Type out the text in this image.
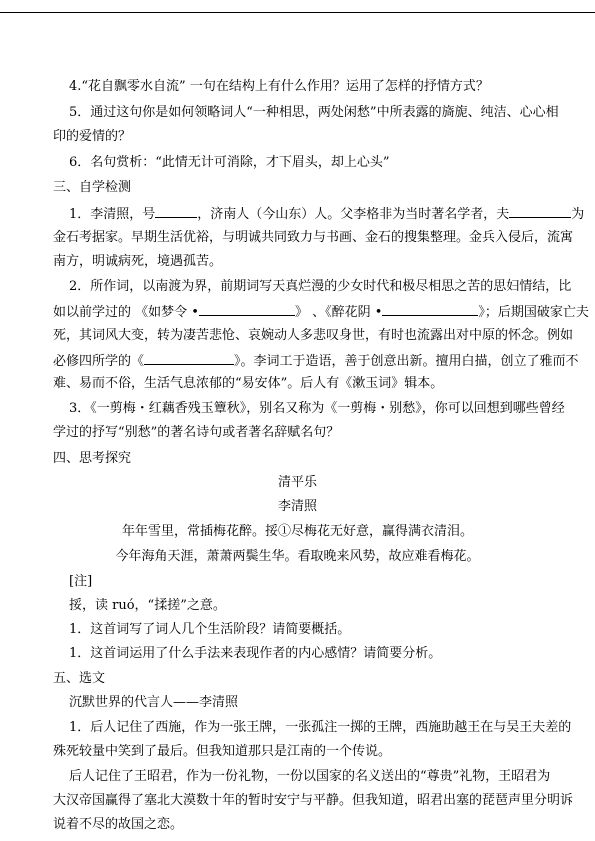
4.“花自飘零水自流” 一句在结构上有什么作用？运用了怎样的抒情方式？
5．通过这句你是如何领略词人“一种相思，两处闲愁”中所表露的旖旎、纯洁、心心相
印的爱情的？
6．名句赏析：“此情无计可消除，才下眉头，却上心头”
三、自学检测
1．李清照，号	，济南人（今山东）人。父李格非为当时著名学者，夫	为
金石考据家。早期生活优裕，与明诚共同致力与书画、金石的搜集整理。金兵入侵后，流寓
南方，明诚病死，境遇孤苦。
2．所作词，以南渡为界，前期词写天真烂漫的少女时代和极尽相思之苦的思妇情结，比
如以前学过的 《如梦令 •	》 、《醉花阴 •	》；后期国破家亡夫
死，其词风大变，转为凄苦悲怆、哀婉动人多悲叹身世，有时也流露出对中原的怀念。例如
必修四所学的《	》。李词工于造语，善于创意出新。擅用白描，创立了雅而不
难、易而不俗，生活气息浓郁的“易安体”。后人有《漱玉词》辑本。
3．《一剪梅・红藕香残玉簟秋》，别名又称为《一剪梅・别愁》，你可以回想到哪些曾经
学过的抒写“别愁”的著名诗句或者著名辞赋名句？
四、思考探究
清平乐
李清照
年年雪里，常插梅花醉。挼①尽梅花无好意，赢得满衣清泪。
今年海角天涯，萧萧两鬓生华。看取晚来风势，故应难看梅花。
[注]
挼，读 ruó，“揉搓”之意。
1．这首词写了词人几个生活阶段？请简要概括。
1．这首词运用了什么手法来表现作者的内心感情？请简要分析。
五、选文
沉默世界的代言人——李清照
1．后人记住了西施，作为一张王牌，一张孤注一掷的王牌，西施助越王在与吴王夫差的
殊死较量中笑到了最后。但我知道那只是江南的一个传说。
后人记住了王昭君，作为一份礼物，一份以国家的名义送出的“尊贵”礼物，王昭君为
大汉帝国赢得了塞北大漠数十年的暂时安宁与平静。但我知道，昭君出塞的琵琶声里分明诉
说着不尽的故国之恋。
